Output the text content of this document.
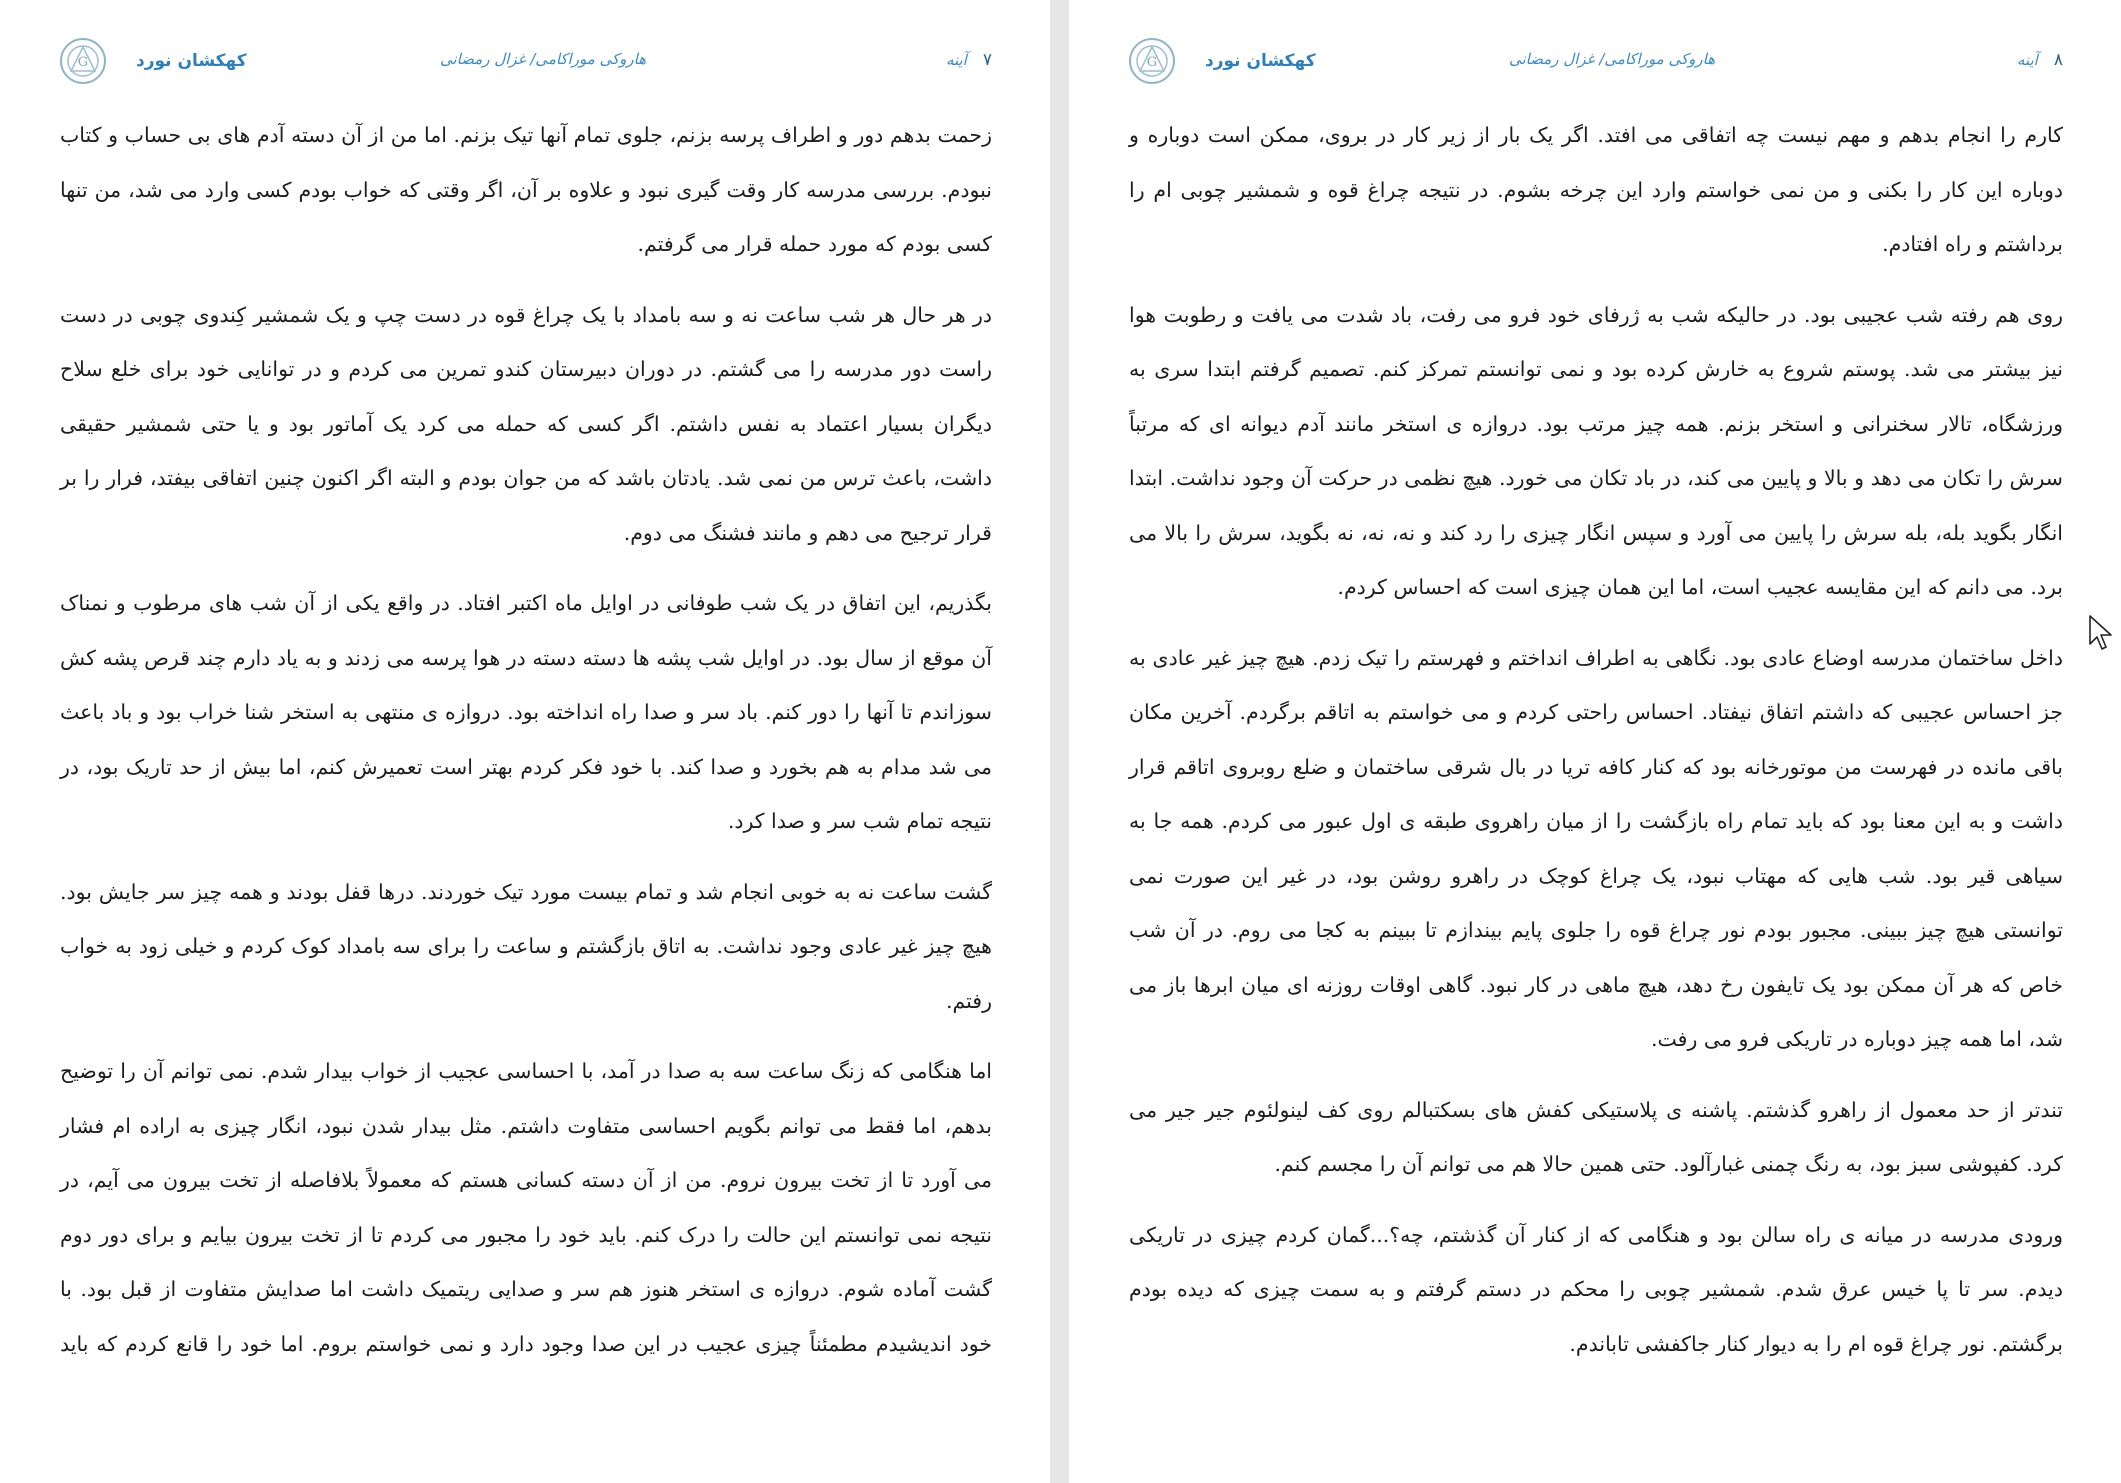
G	کهکشان نورد	هاروکی موراکامی/ غزال رمضانی	۷
آینه

زحمت بدهم دور و اطراف پرسه بزنم، جلوی تمام آنها تیک بزنم. اما من از آن دسته آدم های بی حساب و کتاب نبودم. بررسی مدرسه کار وقت گیری نبود و علاوه بر آن، اگر وقتی که خواب بودم کسی وارد می شد، من تنها کسی بودم که مورد حمله قرار می گرفتم.

در هر حال هر شب ساعت نه و سه بامداد با یک چراغ قوه در دست چپ و یک شمشیر کِندوی چوبی در دست راست دور مدرسه را می گشتم. در دوران دبیرستان کندو تمرین می کردم و در توانایی خود برای خلع سلاح دیگران بسیار اعتماد به نفس داشتم. اگر کسی که حمله می کرد یک آماتور بود و یا حتی شمشیر حقیقی داشت، باعث ترس من نمی شد. یادتان باشد که من جوان بودم و البته اگر اکنون چنین اتفاقی بیفتد، فرار را بر قرار ترجیح می دهم و مانند فشنگ می دوم.

بگذریم، این اتفاق در یک شب طوفانی در اوایل ماه اکتبر افتاد. در واقع یکی از آن شب های مرطوب و نمناک آن موقع از سال بود. در اوایل شب پشه ها دسته دسته در هوا پرسه می زدند و به یاد دارم چند قرص پشه کش سوزاندم تا آنها را دور کنم. باد سر و صدا راه انداخته بود. دروازه ی منتهی به استخر شنا خراب بود و باد باعث می شد مدام به هم بخورد و صدا کند. با خود فکر کردم بهتر است تعمیرش کنم، اما بیش از حد تاریک بود، در نتیجه تمام شب سر و صدا کرد.

گشت ساعت نه به خوبی انجام شد و تمام بیست مورد تیک خوردند. درها قفل بودند و همه چیز سر جایش بود. هیچ چیز غیر عادی وجود نداشت. به اتاق بازگشتم و ساعت را برای سه بامداد کوک کردم و خیلی زود به خواب رفتم.

اما هنگامی که زنگ ساعت سه به صدا در آمد، با احساسی عجیب از خواب بیدار شدم. نمی توانم آن را توضیح بدهم، اما فقط می توانم بگویم احساسی متفاوت داشتم. مثل بیدار شدن نبود، انگار چیزی به اراده ام فشار می آورد تا از تخت بیرون نروم. من از آن دسته کسانی هستم که معمولاً بلافاصله از تخت بیرون می آیم، در نتیجه نمی توانستم این حالت را درک کنم. باید خود را مجبور می کردم تا از تخت بیرون بیایم و برای دور دوم گشت آماده شوم. دروازه ی استخر هنوز هم سر و صدایی ریتمیک داشت اما صدایش متفاوت از قبل بود. با خود اندیشیدم مطمئناً چیزی عجیب در این صدا وجود دارد و نمی خواستم بروم. اما خود را قانع کردم که باید

G	کهکشان نورد	هاروکی موراکامی/ غزال رمضانی	۸
آینه

کارم را انجام بدهم و مهم نیست چه اتفاقی می افتد. اگر یک بار از زیر کار در بروی، ممکن است دوباره و دوباره این کار را بکنی و من نمی خواستم وارد این چرخه بشوم. در نتیجه چراغ قوه و شمشیر چوبی ام را برداشتم و راه افتادم.

روی هم رفته شب عجیبی بود. در حالیکه شب به ژرفای خود فرو می رفت، باد شدت می یافت و رطوبت هوا نیز بیشتر می شد. پوستم شروع به خارش کرده بود و نمی توانستم تمرکز کنم. تصمیم گرفتم ابتدا سری به ورزشگاه، تالار سخنرانی و استخر بزنم. همه چیز مرتب بود. دروازه ی استخر مانند آدم دیوانه ای که مرتباً سرش را تکان می دهد و بالا و پایین می کند، در باد تکان می خورد. هیچ نظمی در حرکت آن وجود نداشت. ابتدا انگار بگوید بله، بله سرش را پایین می آورد و سپس انگار چیزی را رد کند و نه، نه، نه بگوید، سرش را بالا می برد. می دانم که این مقایسه عجیب است، اما این همان چیزی است که احساس کردم.

داخل ساختمان مدرسه اوضاع عادی بود. نگاهی به اطراف انداختم و فهرستم را تیک زدم. هیچ چیز غیر عادی به جز احساس عجیبی که داشتم اتفاق نیفتاد. احساس راحتی کردم و می خواستم به اتاقم برگردم. آخرین مکان باقی مانده در فهرست من موتورخانه بود که کنار کافه تریا در بال شرقی ساختمان و ضلع روبروی اتاقم قرار داشت و به این معنا بود که باید تمام راه بازگشت را از میان راهروی طبقه ی اول عبور می کردم. همه جا به سیاهی قیر بود. شب هایی که مهتاب نبود، یک چراغ کوچک در راهرو روشن بود، در غیر این صورت نمی توانستی هیچ چیز ببینی. مجبور بودم نور چراغ قوه را جلوی پایم بیندازم تا ببینم به کجا می روم. در آن شب خاص که هر آن ممکن بود یک تایفون رخ دهد، هیچ ماهی در کار نبود. گاهی اوقات روزنه ای میان ابرها باز می شد، اما همه چیز دوباره در تاریکی فرو می رفت.

تندتر از حد معمول از راهرو گذشتم. پاشنه ی پلاستیکی کفش های بسکتبالم روی کف لینولئوم جیر جیر می کرد. کفپوشی سبز بود، به رنگ چمنی غبارآلود. حتی همین حالا هم می توانم آن را مجسم کنم.

ورودی مدرسه در میانه ی راه سالن بود و هنگامی که از کنار آن گذشتم، چه؟...گمان کردم چیزی در تاریکی دیدم. سر تا پا خیس عرق شدم. شمشیر چوبی را محکم در دستم گرفتم و به سمت چیزی که دیده بودم برگشتم. نور چراغ قوه ام را به دیوار کنار جاکفشی تاباندم.
